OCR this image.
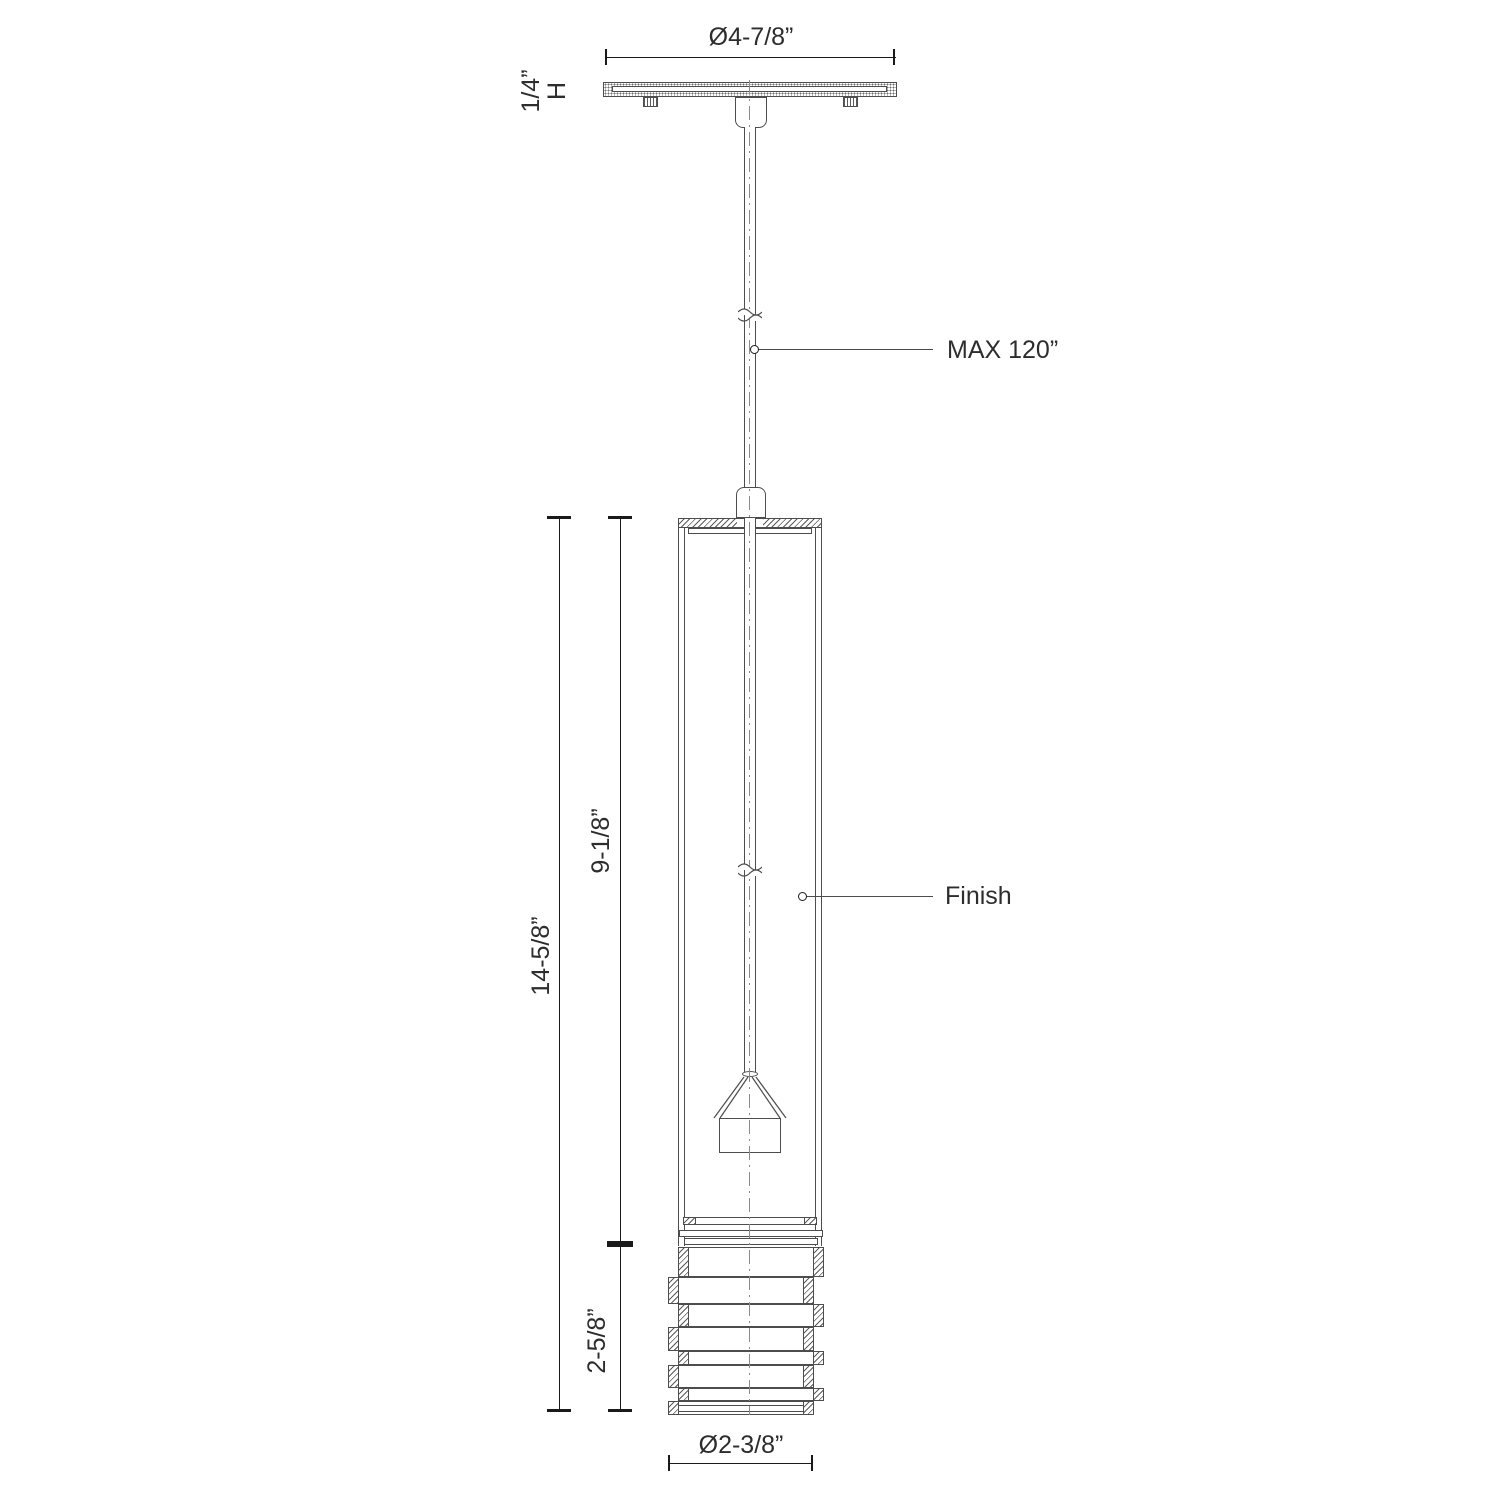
Ø4-7/8”
1/4”
H
MAX 120”
Finish
14-5/8”
9-1/8”
2-5/8”
Ø2-3/8”
